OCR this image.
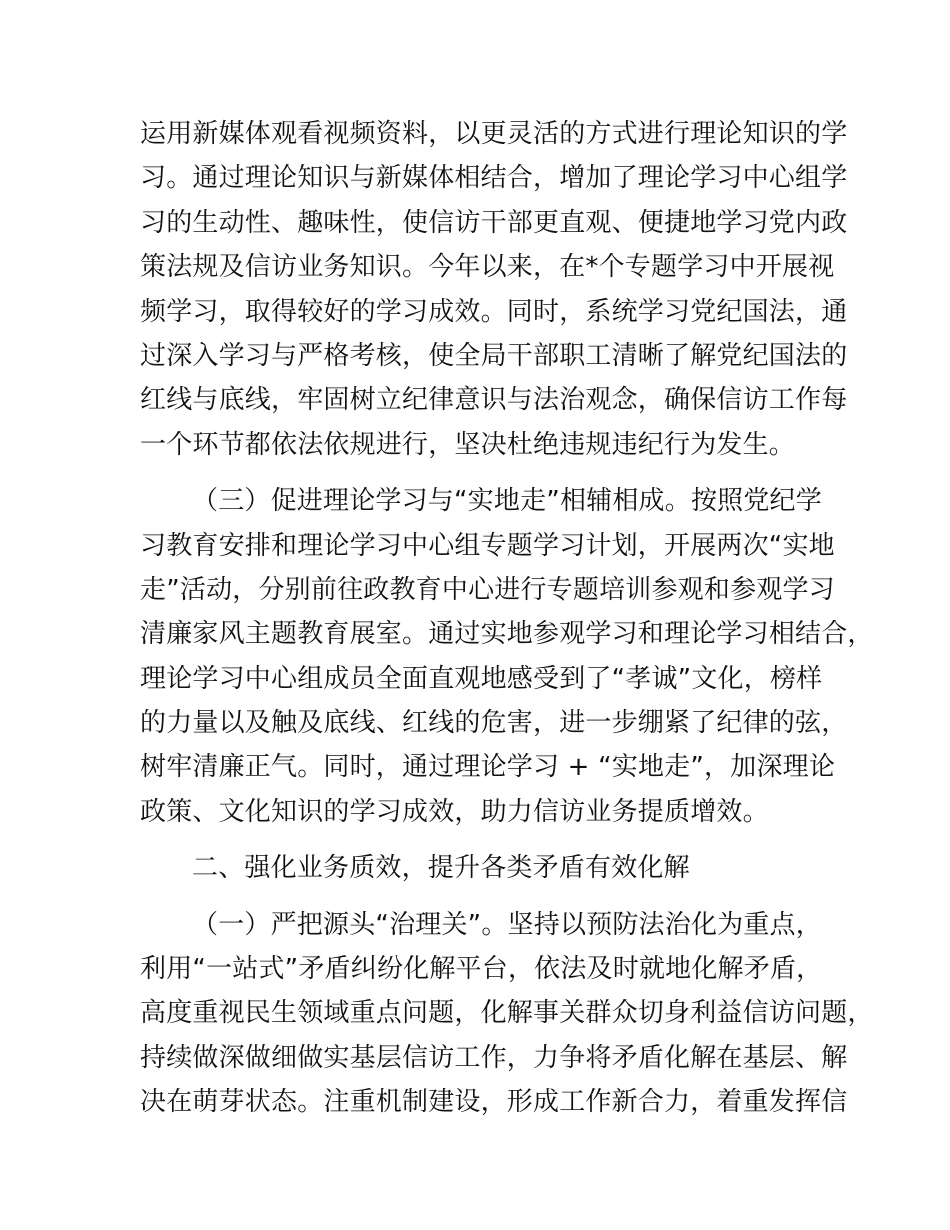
运用新媒体观看视频资料，以更灵活的方式进行理论知识的学
习。通过理论知识与新媒体相结合，增加了理论学习中心组学
习的生动性、趣味性，使信访干部更直观、便捷地学习党内政
策法规及信访业务知识。今年以来，在*个专题学习中开展视
频学习，取得较好的学习成效。同时，系统学习党纪国法，通
过深入学习与严格考核，使全局干部职工清晰了解党纪国法的
红线与底线，牢固树立纪律意识与法治观念，确保信访工作每
一个环节都依法依规进行，坚决杜绝违规违纪行为发生。
（三）促进理论学习与“实地走”相辅相成。按照党纪学
习教育安排和理论学习中心组专题学习计划，开展两次“实地
走”活动，分别前往政教育中心进行专题培训参观和参观学习
清廉家风主题教育展室。通过实地参观学习和理论学习相结合，
理论学习中心组成员全面直观地感受到了“孝诚”文化，榜样
的力量以及触及底线、红线的危害，进一步绷紧了纪律的弦，
树牢清廉正气。同时，通过理论学习 + “实地走”，加深理论
政策、文化知识的学习成效，助力信访业务提质增效。
二、强化业务质效，提升各类矛盾有效化解
（一）严把源头“治理关”。坚持以预防法治化为重点，
利用“一站式”矛盾纠纷化解平台，依法及时就地化解矛盾，
高度重视民生领域重点问题，化解事关群众切身利益信访问题，
持续做深做细做实基层信访工作，力争将矛盾化解在基层、解
决在萌芽状态。注重机制建设，形成工作新合力，着重发挥信
